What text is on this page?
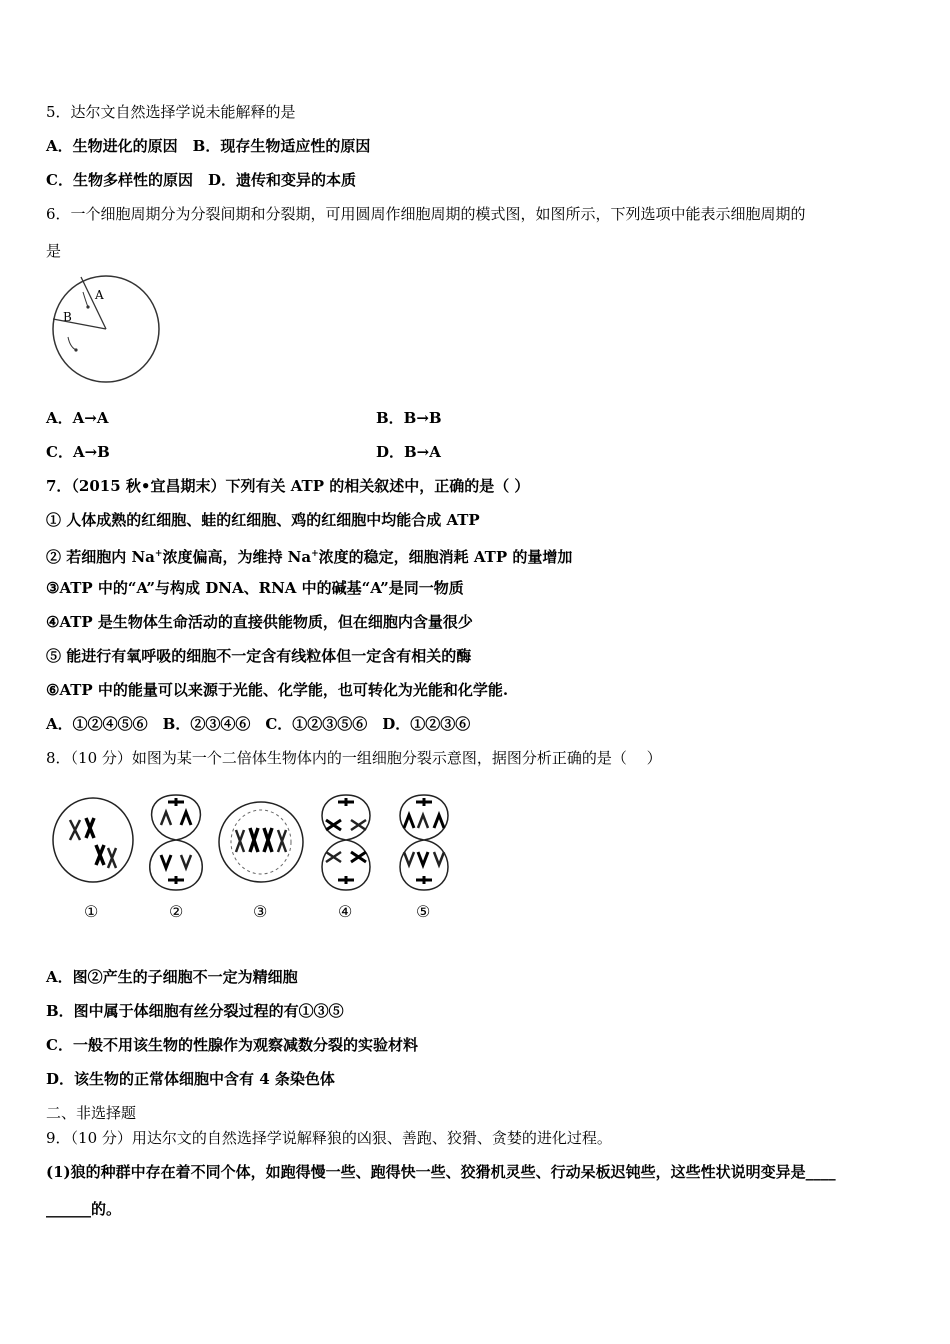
5．达尔文自然选择学说未能解释的是
A．生物进化的原因　B．现存生物适应性的原因
C．生物多样性的原因　D．遗传和变异的本质
6．一个细胞周期分为分裂间期和分裂期，可用圆周作细胞周期的模式图，如图所示，下列选项中能表示细胞周期的
是
A
B
A．A→A	B．B→B
C．A→B	D．B→A
7．（2015 秋•宜昌期末）下列有关 ATP 的相关叙述中，正确的是（ ）
① 人体成熟的红细胞、蛙的红细胞、鸡的红细胞中均能合成 ATP
② 若细胞内 Na+浓度偏高，为维持 Na+浓度的稳定，细胞消耗 ATP 的量增加
③ATP 中的“A”与构成 DNA、RNA 中的碱基“A”是同一物质
④ATP 是生物体生命活动的直接供能物质，但在细胞内含量很少
⑤ 能进行有氧呼吸的细胞不一定含有线粒体但一定含有相关的酶
⑥ATP 中的能量可以来源于光能、化学能，也可转化为光能和化学能.
A．①②④⑤⑥　B．②③④⑥　C．①②③⑤⑥　D．①②③⑥
8．（10 分）如图为某一个二倍体生物体内的一组细胞分裂示意图，据图分析正确的是（　 ）
①	②	③	④	⑤
A．图②产生的子细胞不一定为精细胞
B．图中属于体细胞有丝分裂过程的有①③⑤
C．一般不用该生物的性腺作为观察减数分裂的实验材料
D．该生物的正常体细胞中含有 4 条染色体
二、非选择题
9．（10 分）用达尔文的自然选择学说解释狼的凶狠、善跑、狡猾、贪婪的进化过程。
(1)狼的种群中存在着不同个体，如跑得慢一些、跑得快一些、狡猾机灵些、行动呆板迟钝些，这些性状说明变异是____
______的。
